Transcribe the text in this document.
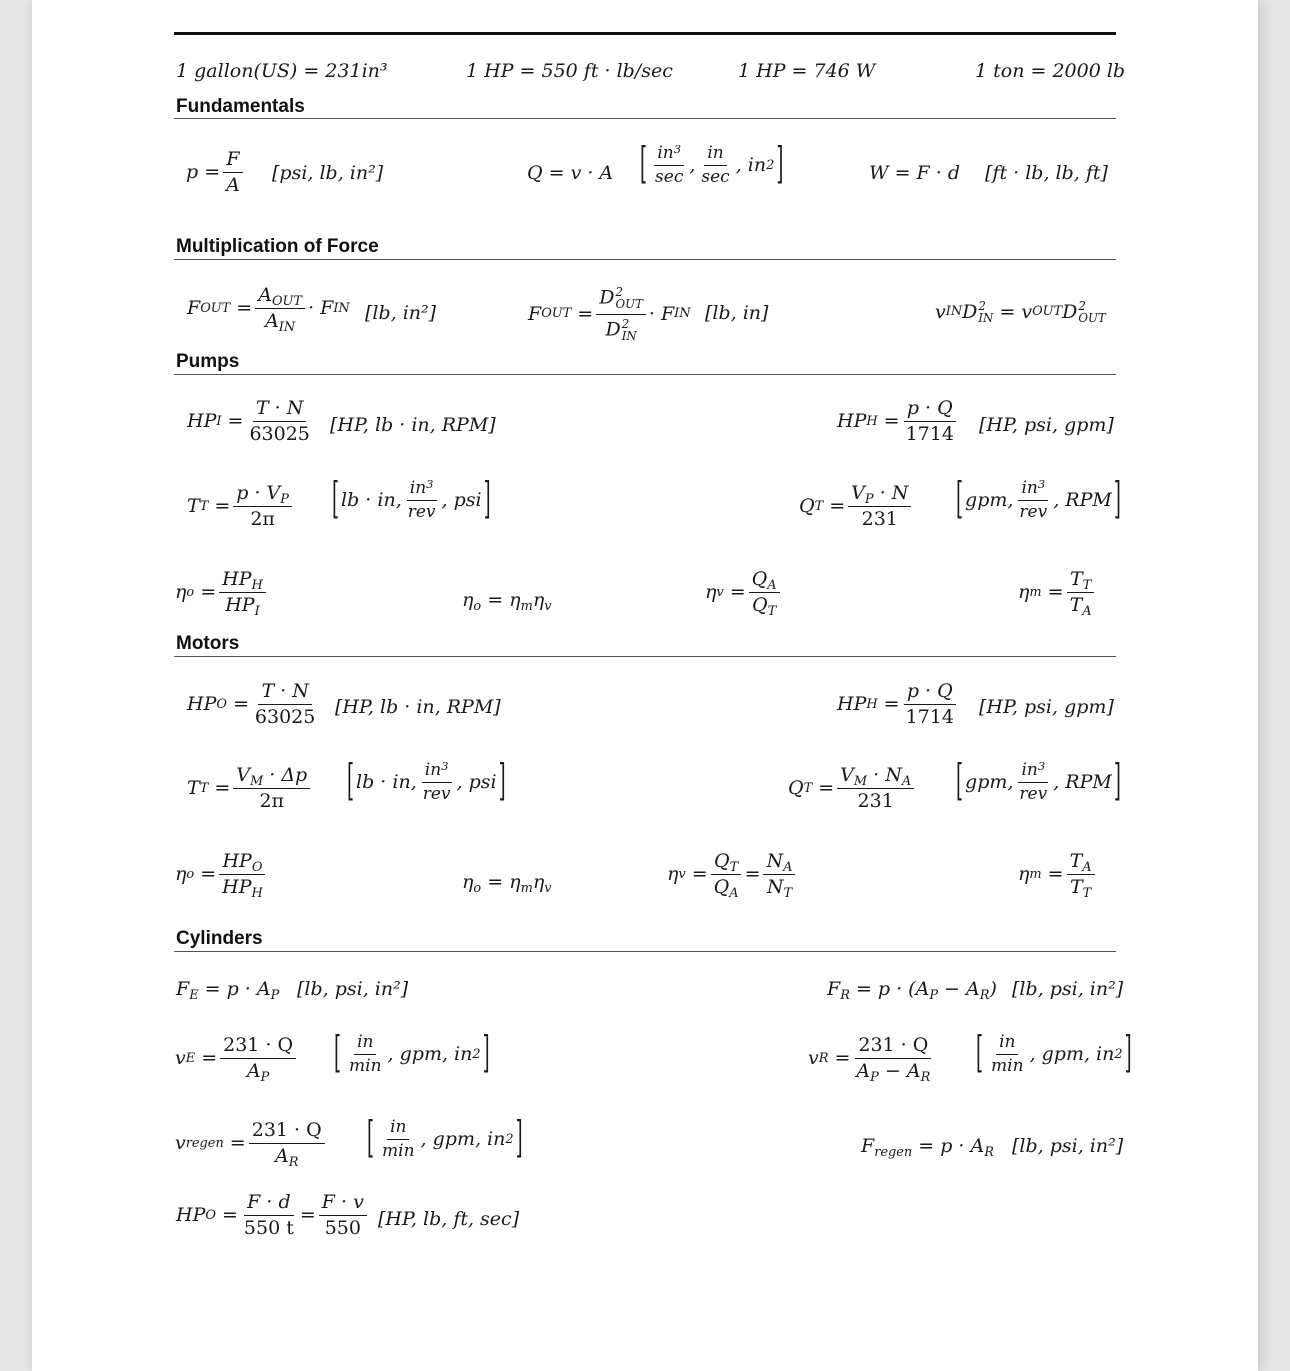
1 gallon(US) = 231in³	1 HP = 550 ft · lb/sec	1 HP = 746 W	1 ton = 2000 lb
Fundamentals
$p = \frac{F}{A} [psi$, lb, in²]	Q = v · A [ $\frac{in^3}{\sec}$ , $\frac{in}{\sec}$ , in 2 ]	W = F · d [ft · lb, lb, ft]
Multiplication of Force
F OUT = $\frac{A_{OUT}}{A_{IN}} \cdot F$ IN [lb, in²]	F OUT = D 2
OUT
D 2
IN · F IN [lb, in]	v IN D 2
IN = v OUT D 2
OUT
Pumps
HP $I = \frac{T \cdot N}{63025} [HP$, lb · in, RPM]	HP $H = \frac{p \cdot Q}{1714} [HP$, psi, gpm]
T $T = \frac{p \cdot V_P}{2\pi}$ [ lb · in, $\frac{in^3}{\text{rev}}$ , psi ]	Q $T = \frac{V_P \cdot N}{231}$ [ gpm, $\frac{in^3}{\text{rev}}$ , RPM ]
η $o = \frac{HP_H}{HP_I}$	$\eta_o = \eta_m\eta_v$
η $v = \frac{Q_A}{Q_T}$	η $m = \frac{T_T}{T_A}$
Motors
HP $O = \frac{T \cdot N}{63025} [HP$, lb · in, RPM]	HP $H = \frac{p \cdot Q}{1714} [HP$, psi, gpm]
T $T = \frac{V_M \cdot \Delta p}{2\pi}$ [ lb · in, $\frac{in^3}{\text{rev}}$ , psi ]	Q $T = \frac{V_M \cdot N_A}{231}$ [ gpm, $\frac{in^3}{\text{rev}}$ , RPM ]
η $o = \frac{HP_O}{HP_H}$	$\eta_o = \eta_m\eta_v$
η $v = \frac{Q_T}{Q_A} = \frac{N_A}{N_T}$	η $m = \frac{T_A}{T_T}$
Cylinders
$F_E = p \cdot A_P$ [lb, psi, in²]	$F_R = p \cdot (A_P - A_R)$ [lb, psi, in²]
v $E = \frac{231 \cdot Q}{A_P}$ [ $\frac{in}{\min}$ , gpm, in 2 ]	v $R = \frac{231 \cdot Q}{A_P - A_R}$ [ $\frac{in}{\min}$ , gpm, in 2 ]
v regen = $\frac{231 \cdot Q}{A_R}$ [ $\frac{in}{\min}$ , gpm, in 2 ]	$F_{regen} = p \cdot A_R$ [lb, psi, in²]
HP $O = \frac{F \cdot d}{550 t} = \frac{F \cdot v}{550} [HP$, lb, ft, sec]
